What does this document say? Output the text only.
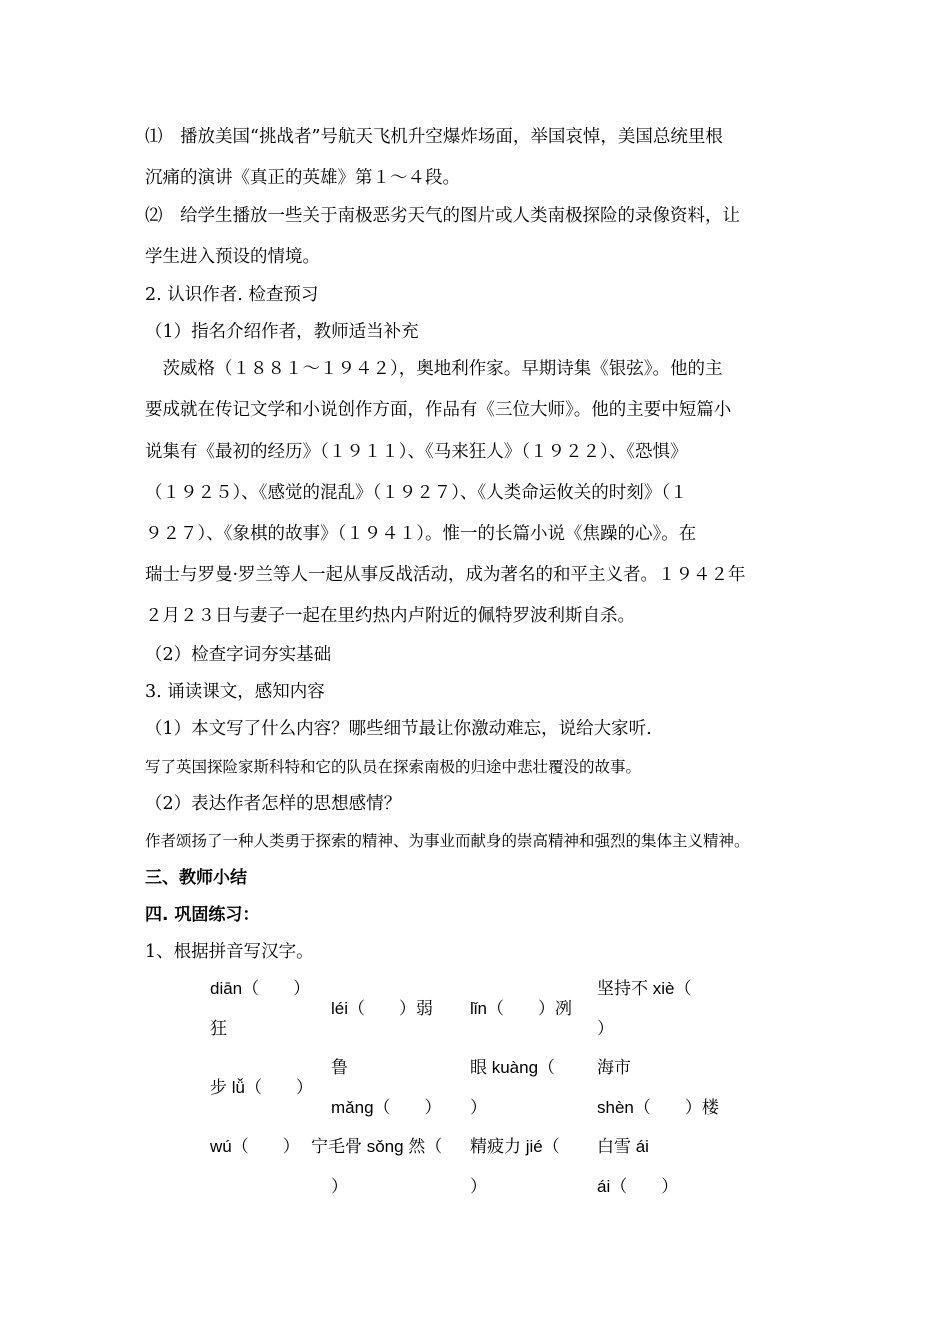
⑴　播放美国“挑战者”号航天飞机升空爆炸场面，举国哀悼，美国总统里根
沉痛的演讲《真正的英雄》第１～４段。
⑵　给学生播放一些关于南极恶劣天气的图片或人类南极探险的录像资料，让
学生进入预设的情境。
2. 认识作者. 检查预习
（1）指名介绍作者，教师适当补充
　茨威格（１８８１～１９４２），奥地利作家。早期诗集《银弦》。他的主
要成就在传记文学和小说创作方面，作品有《三位大师》。他的主要中短篇小
说集有《最初的经历》（１９１１）、《马来狂人》（１９２２）、《恐惧》
（１９２５）、《感觉的混乱》（１９２７）、《人类命运攸关的时刻》（１
９２７）、《象棋的故事》（１９４１）。惟一的长篇小说《焦躁的心》。在
瑞士与罗曼·罗兰等人一起从事反战活动，成为著名的和平主义者。１９４２年
２月２３日与妻子一起在里约热内卢附近的佩特罗波利斯自杀。
（2）检查字词夯实基础
3. 诵读课文，感知内容
（1）本文写了什么内容？哪些细节最让你激动难忘，说给大家听.
写了英国探险家斯科特和它的队员在探索南极的归途中悲壮覆没的故事。
（2）表达作者怎样的思想感情？
作者颂扬了一种人类勇于探索的精神、为事业而献身的崇高精神和强烈的集体主义精神。
三、教师小结
四. 巩固练习：
1、根据拼音写汉字。
diān（　　）
狂
léi（　　）弱 lǐn（　　）冽
坚持不 xiè（
）
步 lǚ（　　）
鲁
mǎng（　　）
眼 kuàng（
）
海市
shèn（　　）楼
wú（　　） 宁毛骨 sǒng 然（
）
精疲力 jié（
）
白雪 ái
ái（　　）
